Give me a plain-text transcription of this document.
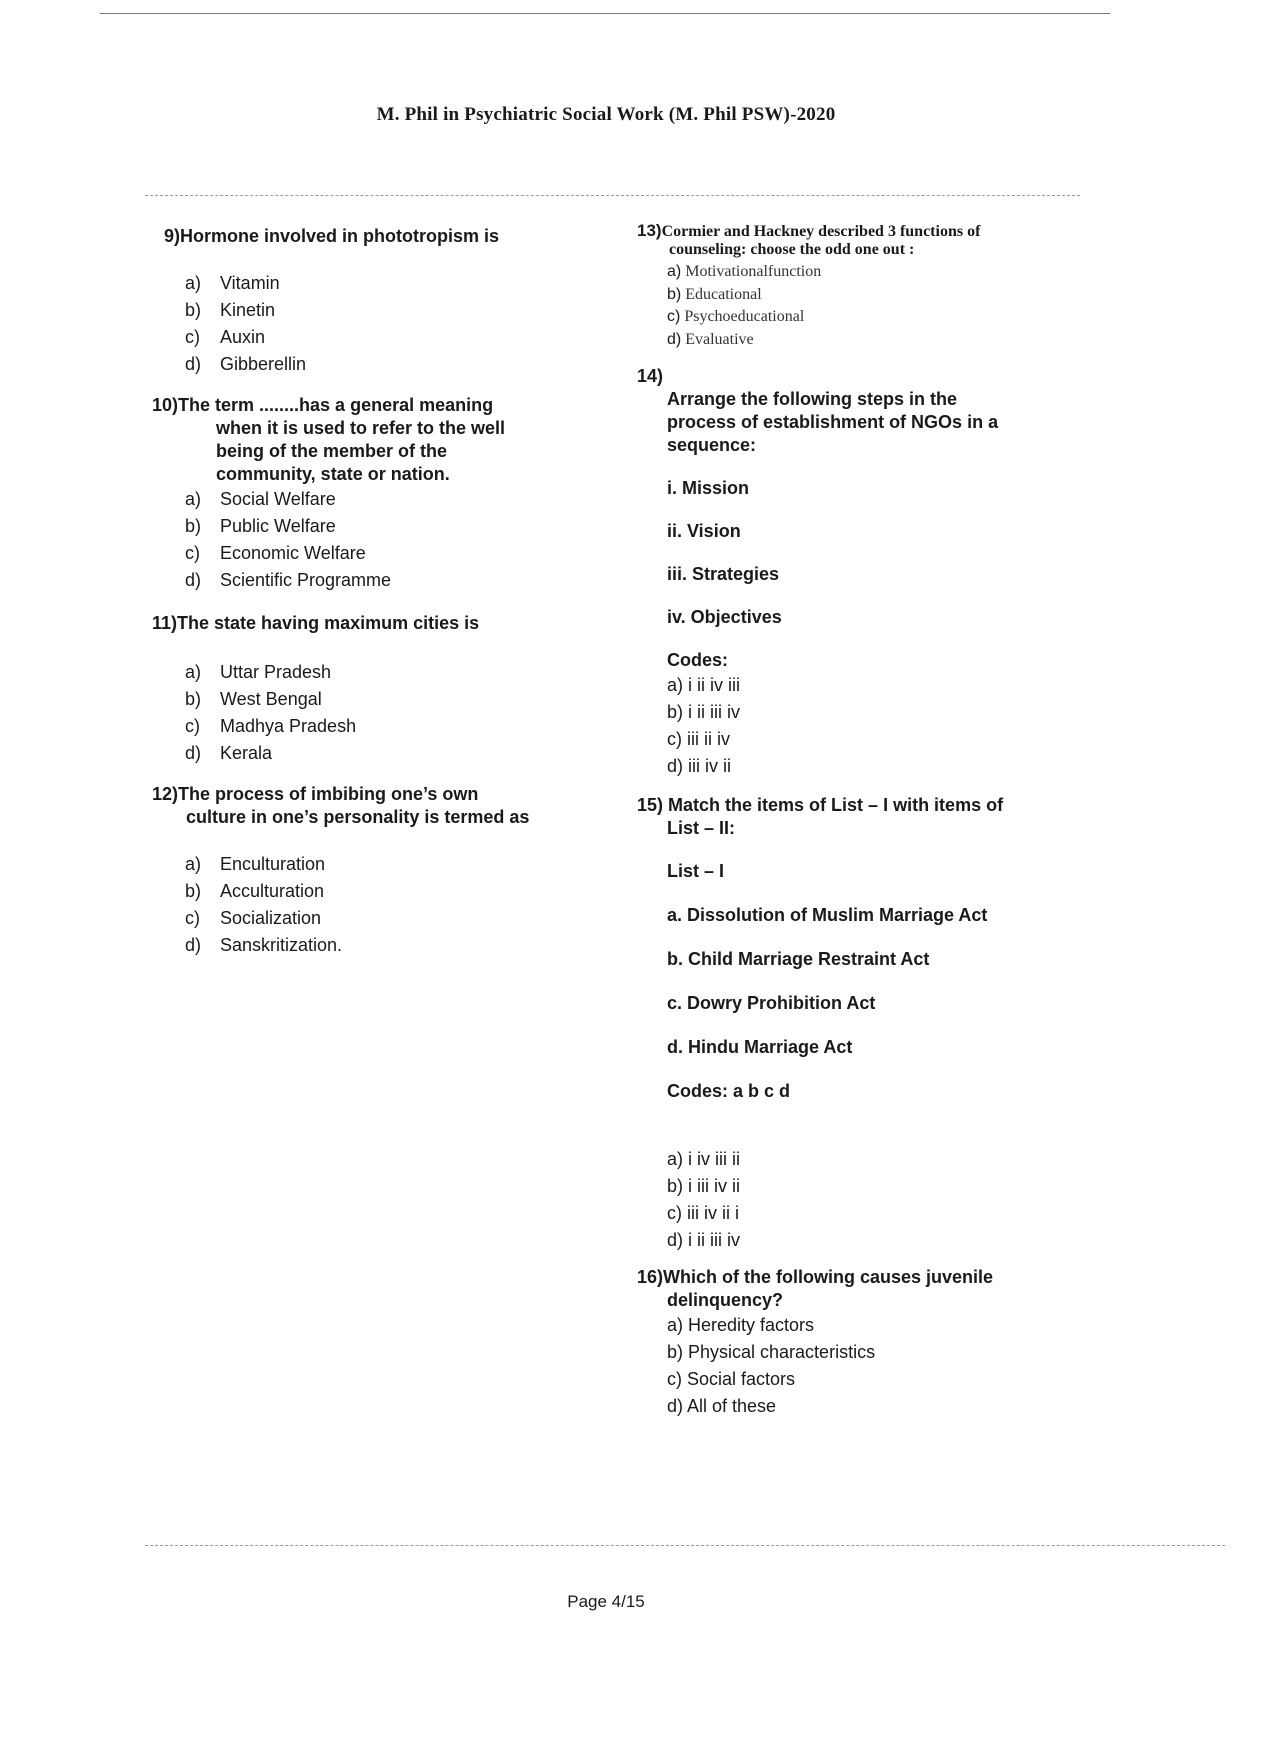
M. Phil in Psychiatric Social Work (M. Phil PSW)-2020
9)Hormone involved in phototropism is
a)	Vitamin
b)	Kinetin
c)	Auxin
d)	Gibberellin
10)The term ........has a general meaning
when it is used to refer to the well
being of the member of the
community, state or nation.
a)	Social Welfare
b)	Public Welfare
c)	Economic Welfare
d)	Scientific Programme
11)The state having maximum cities is
a)	Uttar Pradesh
b)	West Bengal
c)	Madhya Pradesh
d)	Kerala
12)The process of imbibing one’s own
culture in one’s personality is termed as
a)	Enculturation
b)	Acculturation
c)	Socialization
d)	Sanskritization.
13)Cormier and Hackney described 3 functions of
counseling: choose the odd one out :
a) Motivationalfunction
b) Educational
c) Psychoeducational
d) Evaluative
14)
Arrange the following steps in the
process of establishment of NGOs in a
sequence:
i. Mission
ii. Vision
iii. Strategies
iv. Objectives
Codes:
a) i ii iv iii
b) i ii iii iv
c) iii ii iv
d) iii iv ii
15) Match the items of List – I with items of
List – II:
List – I
a. Dissolution of Muslim Marriage Act
b. Child Marriage Restraint Act
c. Dowry Prohibition Act
d. Hindu Marriage Act
Codes: a b c d
a) i iv iii ii
b) i iii iv ii
c) iii iv ii i
d) i ii iii iv
16)Which of the following causes juvenile
delinquency?
a) Heredity factors
b) Physical characteristics
c) Social factors
d) All of these
Page 4/15
